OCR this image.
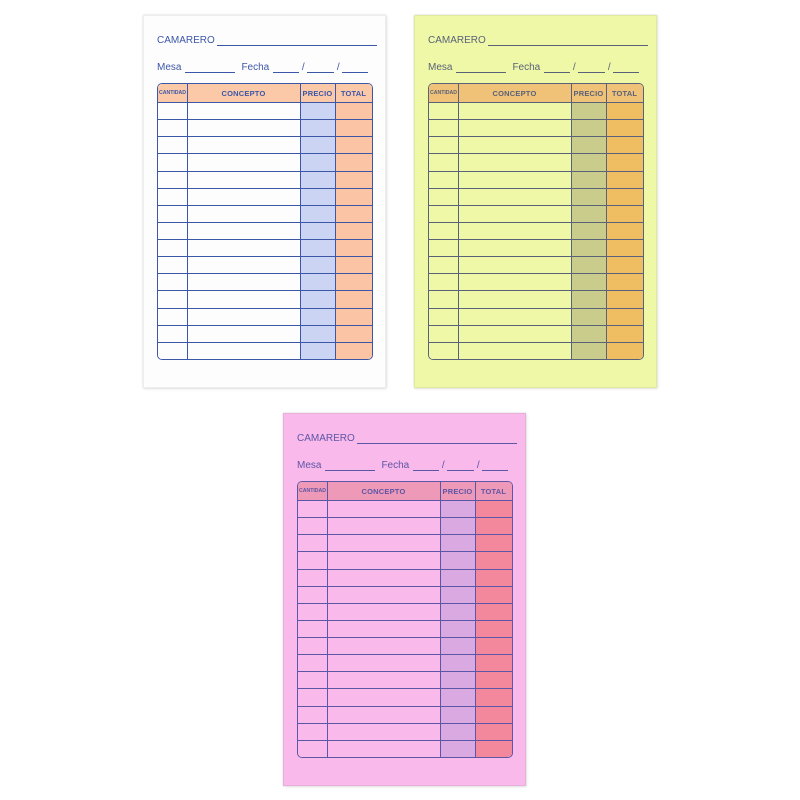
CAMARERO
Mesa	Fecha	/	/
CANTIDAD	CONCEPTO	PRECIO	TOTAL
CAMARERO
Mesa	Fecha	/	/
CANTIDAD	CONCEPTO	PRECIO	TOTAL
CAMARERO
Mesa	Fecha	/	/
CANTIDAD	CONCEPTO	PRECIO	TOTAL
